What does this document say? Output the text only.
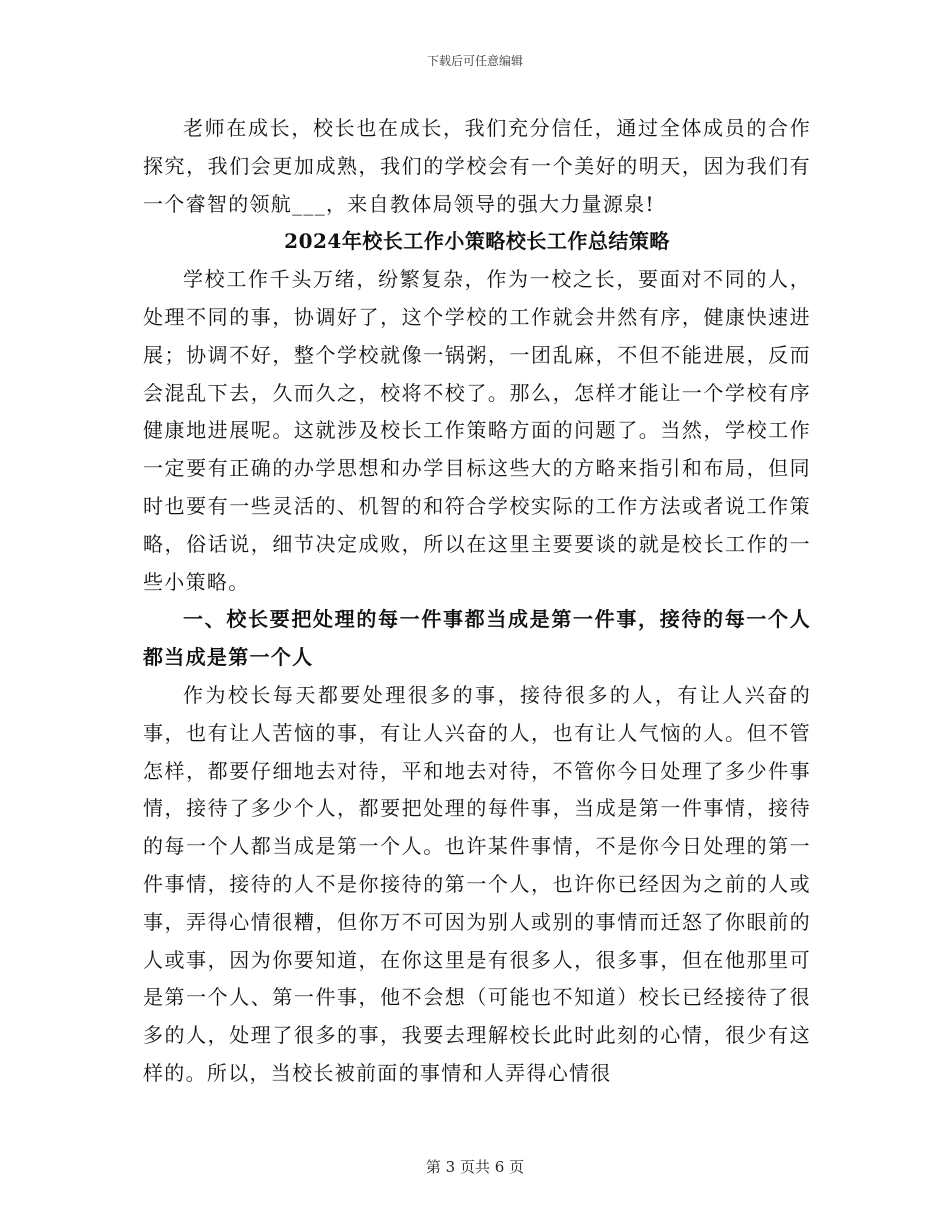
下载后可任意编辑

老师在成长，校长也在成长，我们充分信任，通过全体成员的合作探究，我们会更加成熟，我们的学校会有一个美好的明天，因为我们有一个睿智的领航___，来自教体局领导的强大力量源泉!

2024年校长工作小策略校长工作总结策略

学校工作千头万绪，纷繁复杂，作为一校之长，要面对不同的人，处理不同的事，协调好了，这个学校的工作就会井然有序，健康快速进展；协调不好，整个学校就像一锅粥，一团乱麻，不但不能进展，反而会混乱下去，久而久之，校将不校了。那么，怎样才能让一个学校有序健康地进展呢。这就涉及校长工作策略方面的问题了。当然，学校工作一定要有正确的办学思想和办学目标这些大的方略来指引和布局，但同时也要有一些灵活的、机智的和符合学校实际的工作方法或者说工作策略，俗话说，细节决定成败，所以在这里主要要谈的就是校长工作的一些小策略。

一、校长要把处理的每一件事都当成是第一件事，接待的每一个人都当成是第一个人

作为校长每天都要处理很多的事，接待很多的人，有让人兴奋的事，也有让人苦恼的事，有让人兴奋的人，也有让人气恼的人。但不管怎样，都要仔细地去对待，平和地去对待，不管你今日处理了多少件事情，接待了多少个人，都要把处理的每件事，当成是第一件事情，接待的每一个人都当成是第一个人。也许某件事情，不是你今日处理的第一件事情，接待的人不是你接待的第一个人，也许你已经因为之前的人或事，弄得心情很糟，但你万不可因为别人或别的事情而迁怒了你眼前的人或事，因为你要知道，在你这里是有很多人，很多事，但在他那里可是第一个人、第一件事，他不会想（可能也不知道）校长已经接待了很多的人，处理了很多的事，我要去理解校长此时此刻的心情，很少有这样的。所以，当校长被前面的事情和人弄得心情很

第 3 页共 6 页
